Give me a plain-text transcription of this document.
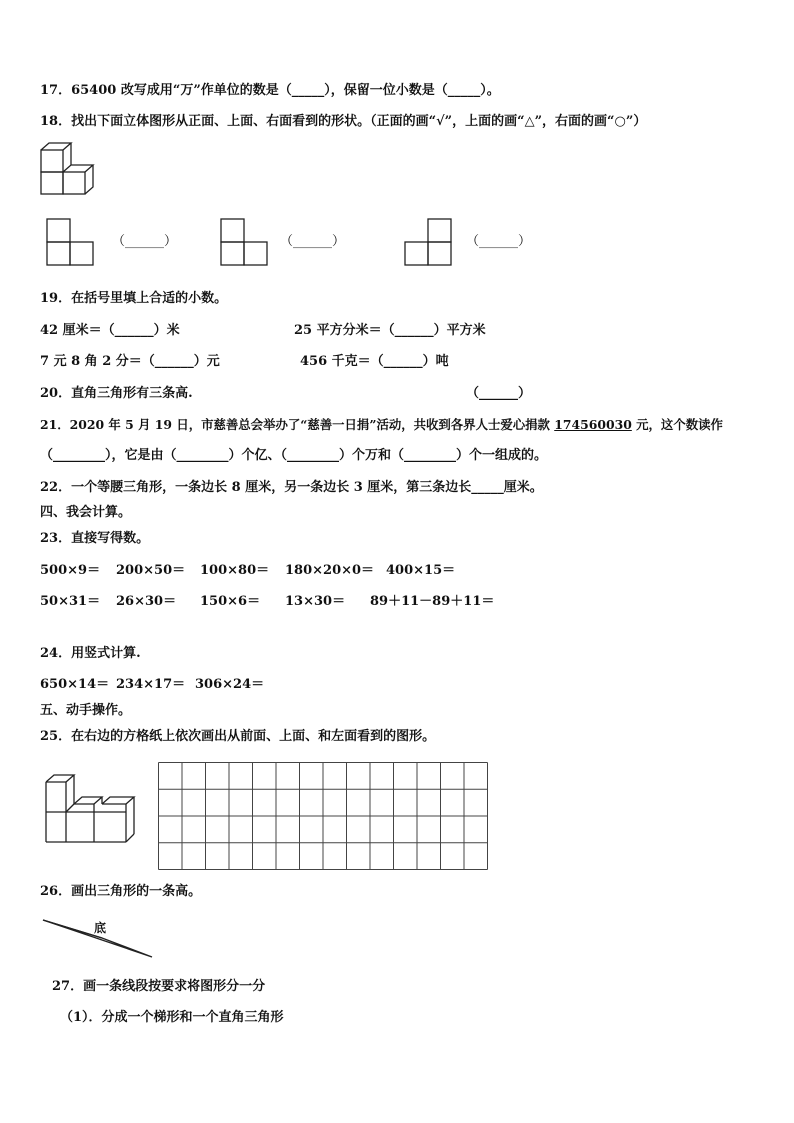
17．65400 改写成用“万”作单位的数是（_____），保留一位小数是（_____）。
18．找出下面立体图形从正面、上面、右面看到的形状。（正面的画“√”，上面的画“△”，右面的画“○”）
（______）	（______）	（______）
19．在括号里填上合适的小数。
42 厘米＝（______）米	25 平方分米＝（______）平方米
7 元 8 角 2 分＝（______）元	456 千克＝（______）吨
20．直角三角形有三条高.	（______）
21．2020 年 5 月 19 日，市慈善总会举办了“慈善一日捐”活动，共收到各界人士爱心捐款 174560030 元，这个数读作
（________），它是由（________）个亿、（________）个万和（________）个一组成的。
22．一个等腰三角形，一条边长 8 厘米，另一条边长 3 厘米，第三条边长_____厘米。
四、我会计算。
23．直接写得数。
500×9＝ 200×50＝ 100×80＝ 180×20×0＝ 400×15＝
50×31＝ 26×30＝ 150×6＝ 13×30＝ 89＋11－89＋11＝
24．用竖式计算.
650×14＝ 234×17＝ 306×24＝
五、动手操作。
25．在右边的方格纸上依次画出从前面、上面、和左面看到的图形。
26．画出三角形的一条高。
底
27．画一条线段按要求将图形分一分
（1）．分成一个梯形和一个直角三角形
